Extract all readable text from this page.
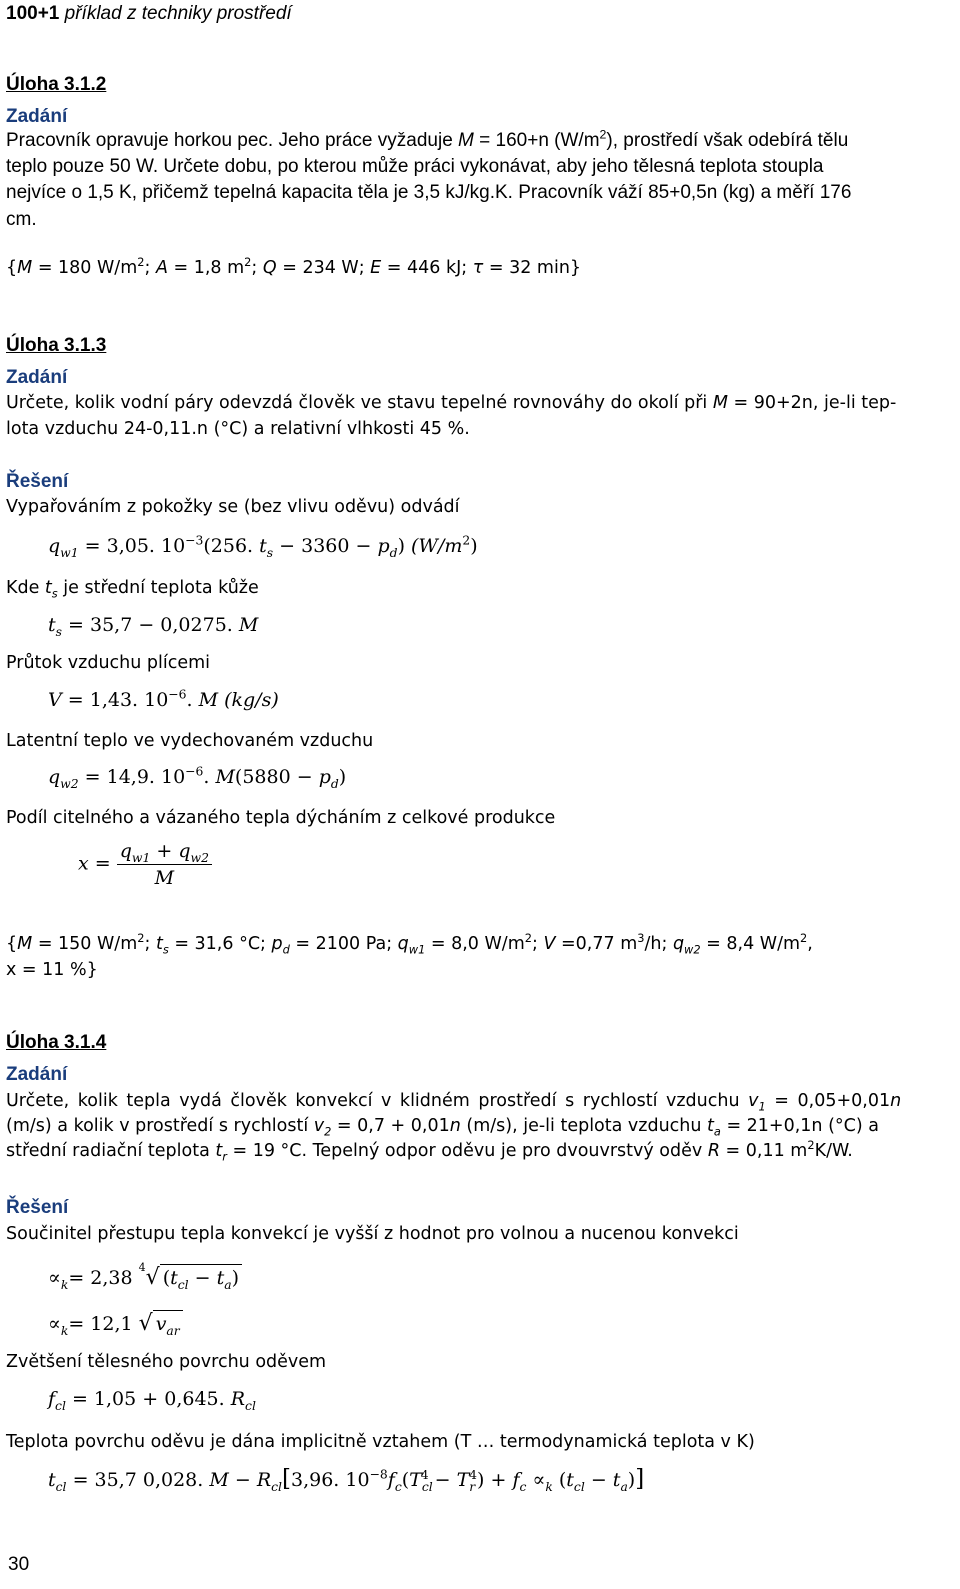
100+1 příklad z techniky prostředí
Úloha 3.1.2
Zadání
Pracovník opravuje horkou pec. Jeho práce vyžaduje M = 160+n $(W/m^2)$, prostředí však odebírá tělu
teplo pouze 50 W. Určete dobu, po kterou může práci vykonávat, aby jeho tělesná teplota stoupla
nejvíce o 1,5 K, přičemž tepelná kapacita těla je 3,5 kJ/kg.K. Pracovník váží 85+0,5n (kg) a měří 176
cm.
{M = 180 $W/m^2$; A = 1,8 $m^2$; Q = 234 W; E = 446 kJ; τ = 32 min}
Úloha 3.1.3
Zadání
Určete, kolik vodní páry odevzdá člověk ve stavu tepelné rovnováhy do okolí při M = 90+2n, je-li tep-
lota vzduchu 24-0,11.n (°C) a relativní vlhkosti 45 %.
Řešení
Vypařováním z pokožky se (bez vlivu oděvu) odvádí
$q_{w1} = 3,05$. $10^{-3}(256$. $t_s - 3360 - p_d$) $(W/m^2)$
Kde $t_s$ je střední teplota kůže
$t_s = 35,7 - 0,0275$. M
Průtok vzduchu plícemi
V = 1,43. $10^{-6}$. M (kg/s)
Latentní teplo ve vydechovaném vzduchu
$q_{w2} = 14,9$. $10^{-6}$. $M(5880 - p_d)$
Podíl citelného a vázaného tepla dýcháním z celkové produkce
$x = \frac{q_{w1} + q_{w2}}{M}$
{M = 150 $W/m^2$; $t_s = 31,6$ °C; $p_d = 2100$ Pa; $q_{w1} = 8,0$ $W/m^2$; V =0,77 $m^3/h$; $q_{w2} = 8,4$ $W/m^2$,
x = 11 %}
Úloha 3.1.4
Zadání
Určete, kolik tepla vydá člověk konvekcí v klidném prostředí s rychlostí vzduchu $v_1 = 0,05+0,01n$
(m/s) a kolik v prostředí s rychlostí $v_2 = 0,7 + 0,01n$ (m/s), je-li teplota vzduchu $t_a = 21+0,1n$ (°C) a
střední radiační teplota $t_r = 19$ °C. Tepelný odpor oděvu je pro dvouvrstvý oděv R = 0,11 $m^2K/W$.
Řešení
Součinitel přestupu tepla konvekcí je vyšší z hodnot pro volnou a nucenou konvekci
$\propto_k= 2,38$ $^4$√ $(t_{cl} - t_a)$
$\propto_k= 12,1$ √ $v_{ar}$
Zvětšení tělesného povrchu oděvem
$f_{cl} = 1,05 + 0,645$. $R_{cl}$
Teplota povrchu oděvu je dána implicitně vztahem (T … termodynamická teplota v K)
$t_{cl} = 35,7$ 0,028. $M - R_{cl}[3,96$. $10^{-8}f_c(T_{cl}^4 - T_r^4) + f_c \propto_k$ $(t_{cl} - t_a)$]
30
